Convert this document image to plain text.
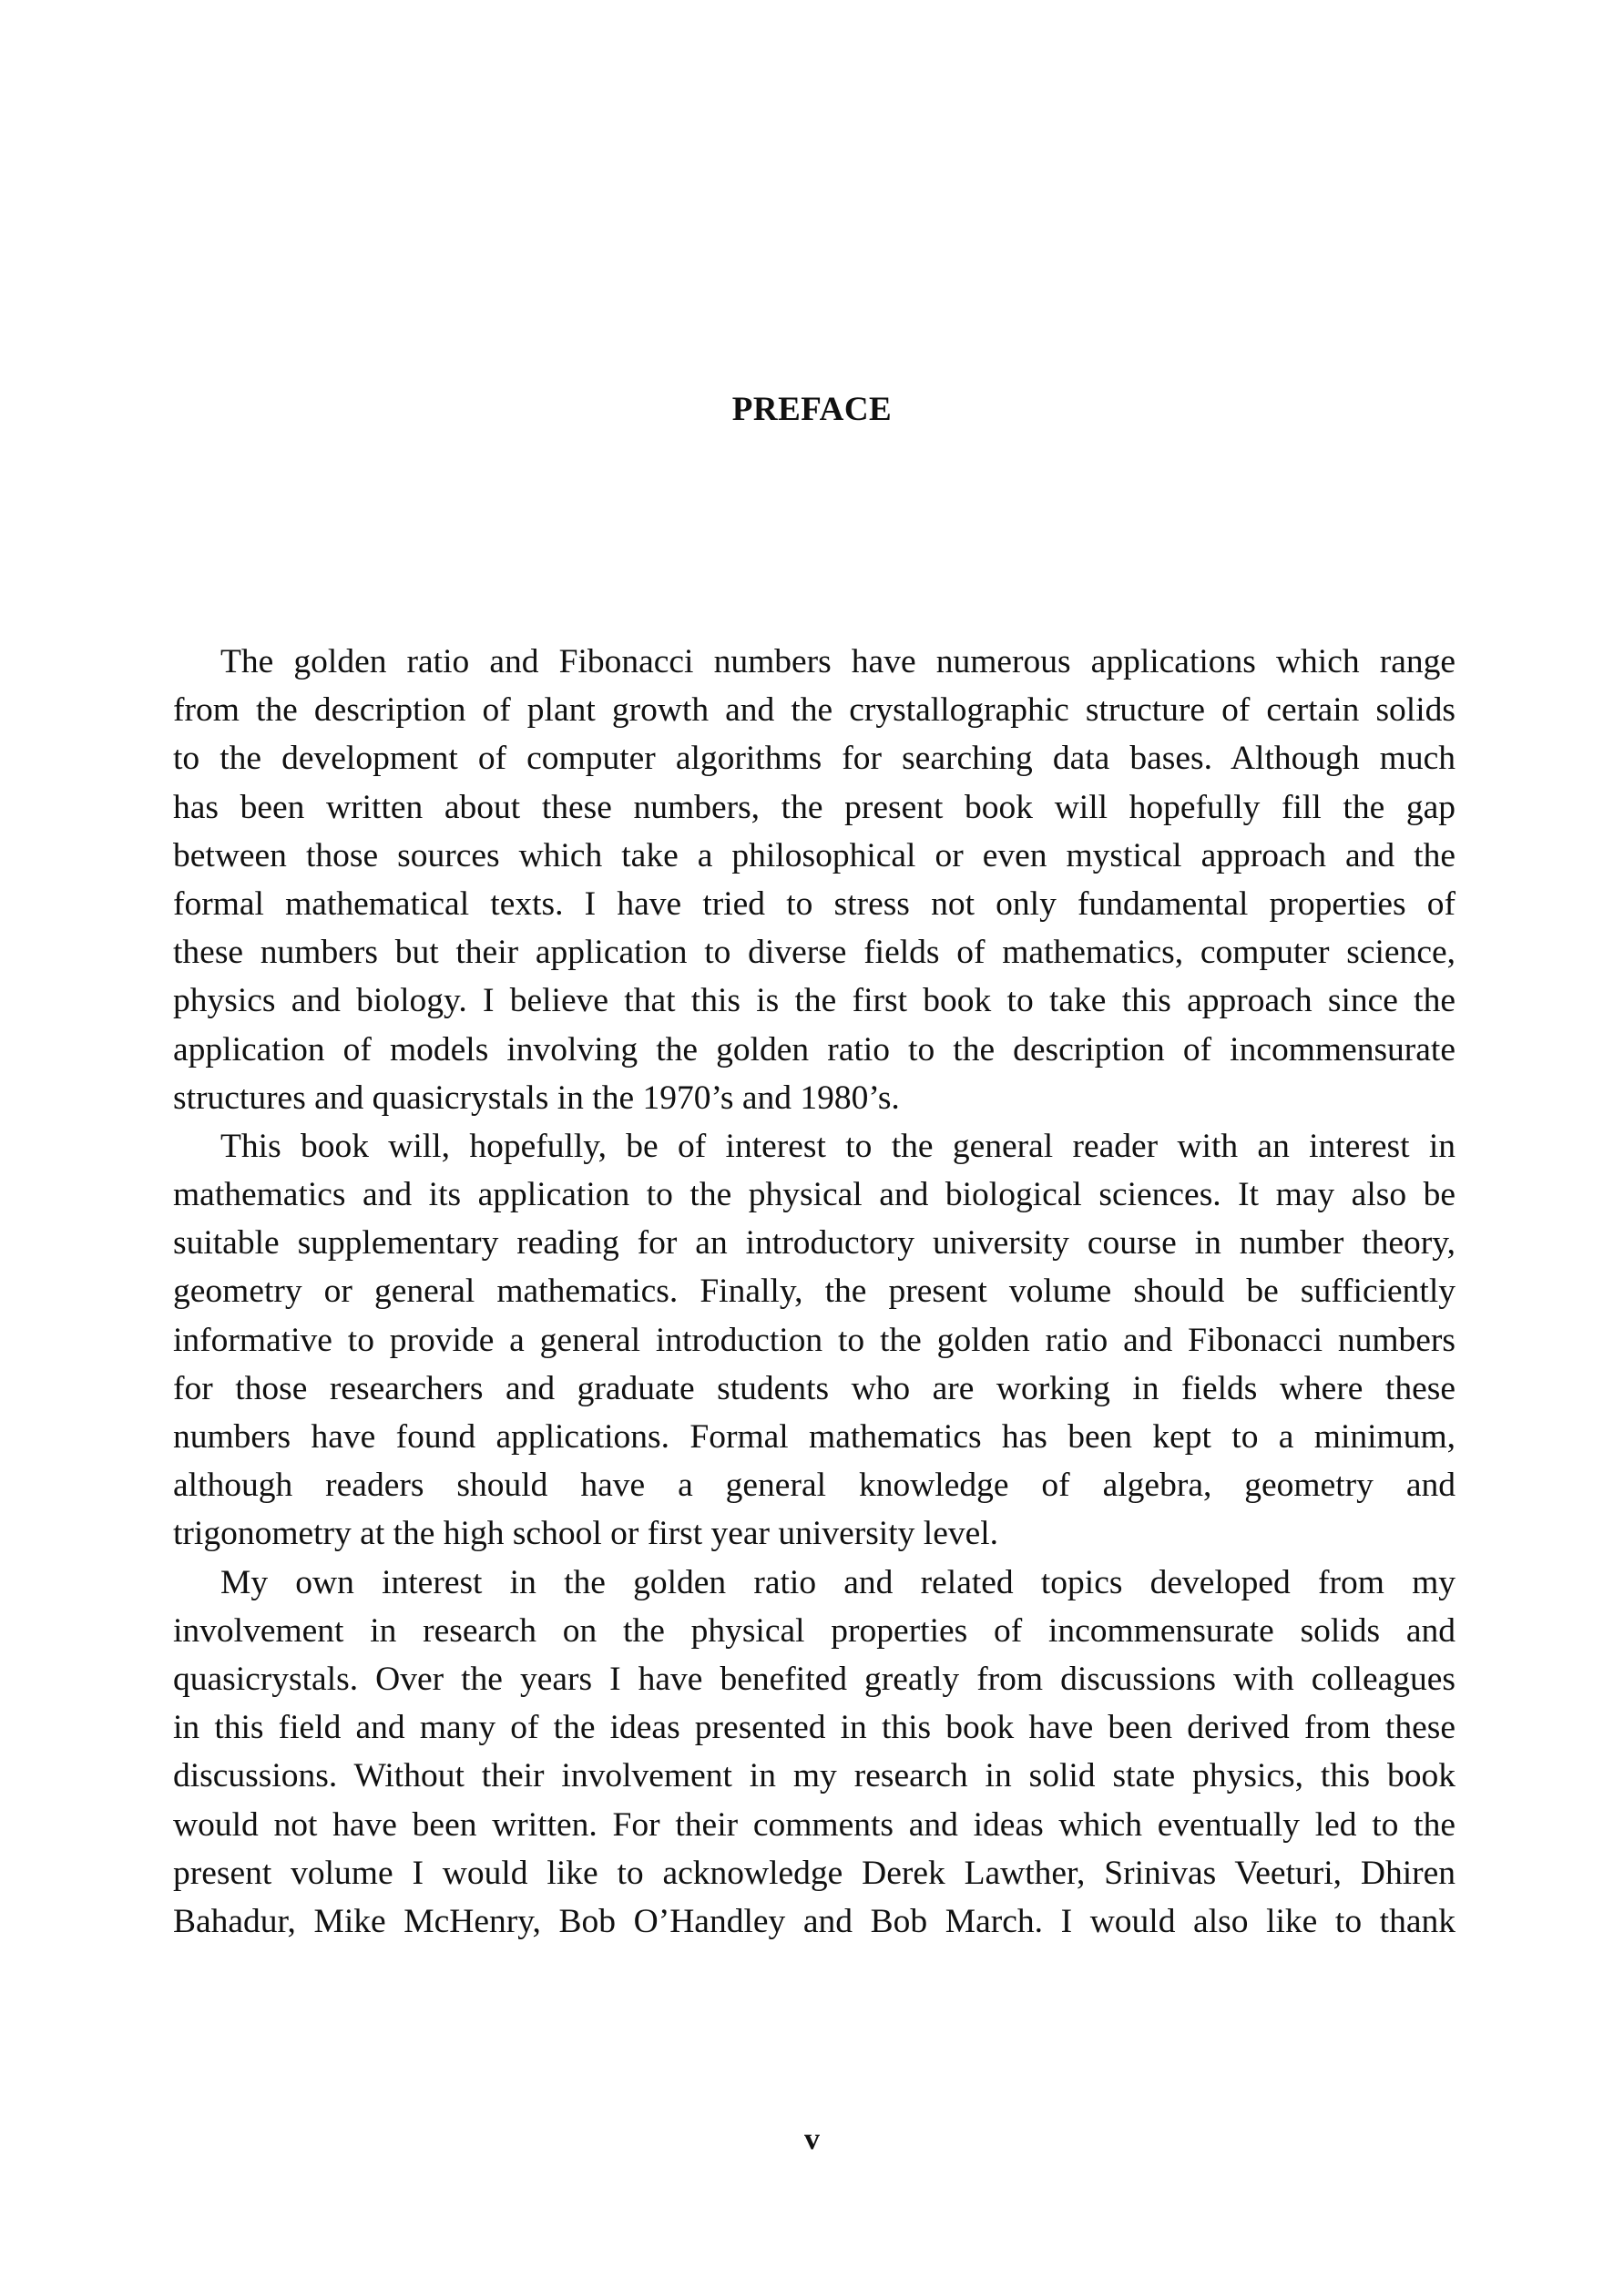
PREFACE
The golden ratio and Fibonacci numbers have numerous applications which range
from the description of plant growth and the crystallographic structure of certain solids
to the development of computer algorithms for searching data bases. Although much
has been written about these numbers, the present book will hopefully fill the gap
between those sources which take a philosophical or even mystical approach and the
formal mathematical texts. I have tried to stress not only fundamental properties of
these numbers but their application to diverse fields of mathematics, computer science,
physics and biology. I believe that this is the first book to take this approach since the
application of models involving the golden ratio to the description of incommensurate
structures and quasicrystals in the 1970’s and 1980’s.
This book will, hopefully, be of interest to the general reader with an interest in
mathematics and its application to the physical and biological sciences. It may also be
suitable supplementary reading for an introductory university course in number theory,
geometry or general mathematics. Finally, the present volume should be sufficiently
informative to provide a general introduction to the golden ratio and Fibonacci numbers
for those researchers and graduate students who are working in fields where these
numbers have found applications. Formal mathematics has been kept to a minimum,
although readers should have a general knowledge of algebra, geometry and
trigonometry at the high school or first year university level.
My own interest in the golden ratio and related topics developed from my
involvement in research on the physical properties of incommensurate solids and
quasicrystals. Over the years I have benefited greatly from discussions with colleagues
in this field and many of the ideas presented in this book have been derived from these
discussions. Without their involvement in my research in solid state physics, this book
would not have been written. For their comments and ideas which eventually led to the
present volume I would like to acknowledge Derek Lawther, Srinivas Veeturi, Dhiren
Bahadur, Mike McHenry, Bob O’Handley and Bob March. I would also like to thank
v
